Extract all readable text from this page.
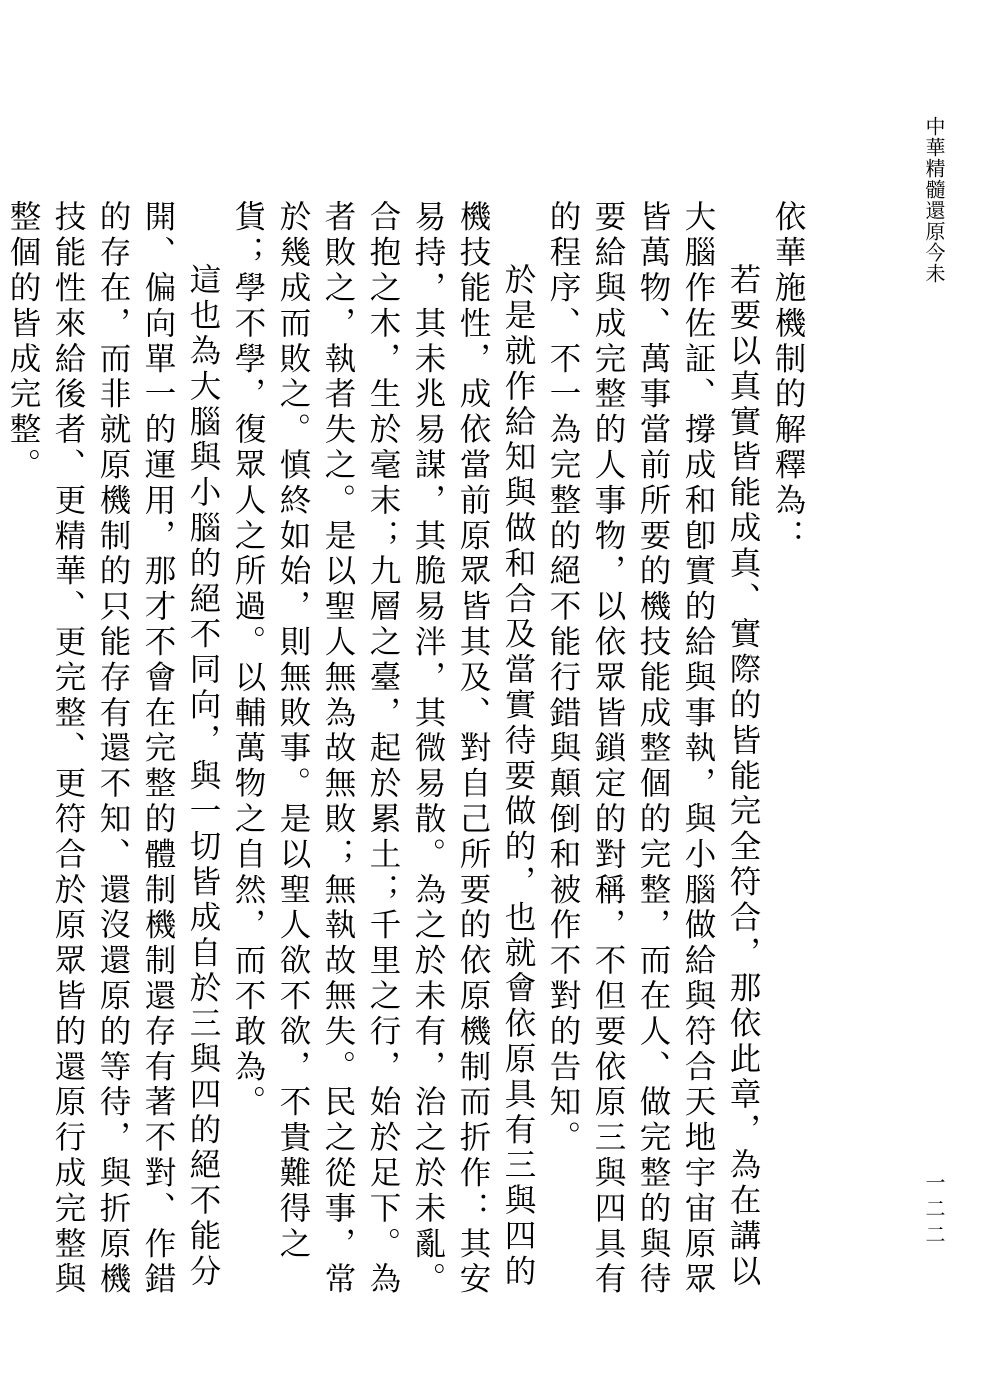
中華精髓還原今未

依華施機制的解釋為：

若要以真實皆能成真、實際的皆能完全符合，那依此章，為在講以大腦作佐証、撐成和卽實的給與事執，與小腦做給與符合天地宇宙原眾皆萬物、萬事當前所要的機技能成整個的完整，而在人、做完整的與待要給與成完整的人事物，以依眾皆鎖定的對稱，不但要依原三與四具有的程序、不一為完整的絕不能行錯與顛倒和被作不對的告知。

於是就作給知與做和合及當實待要做的，也就會依原具有三與四的機技能性，成依當前原眾皆其及、對自己所要的依原機制而折作：其安易持，其未兆易謀，其脆易泮，其微易散。為之於未有，治之於未亂。合抱之木，生於毫末；九層之臺，起於累土；千里之行，始於足下。為者敗之，執者失之。是以聖人無為故無敗；無執故無失。民之從事，常於幾成而敗之。慎終如始，則無敗事。是以聖人欲不欲，不貴難得之貨；學不學，復眾人之所過。以輔萬物之自然，而不敢為。

這也為大腦與小腦的絕不同向，與一切皆成自於三與四的絕不能分開、偏向單一的運用，那才不會在完整的體制機制還存有著不對、作錯的存在，而非就原機制的只能存有還不知、還沒還原的等待，與折原機技能性來給後者、更精華、更完整、更符合於原眾皆的還原行成完整與整個的皆成完整。

一二二
